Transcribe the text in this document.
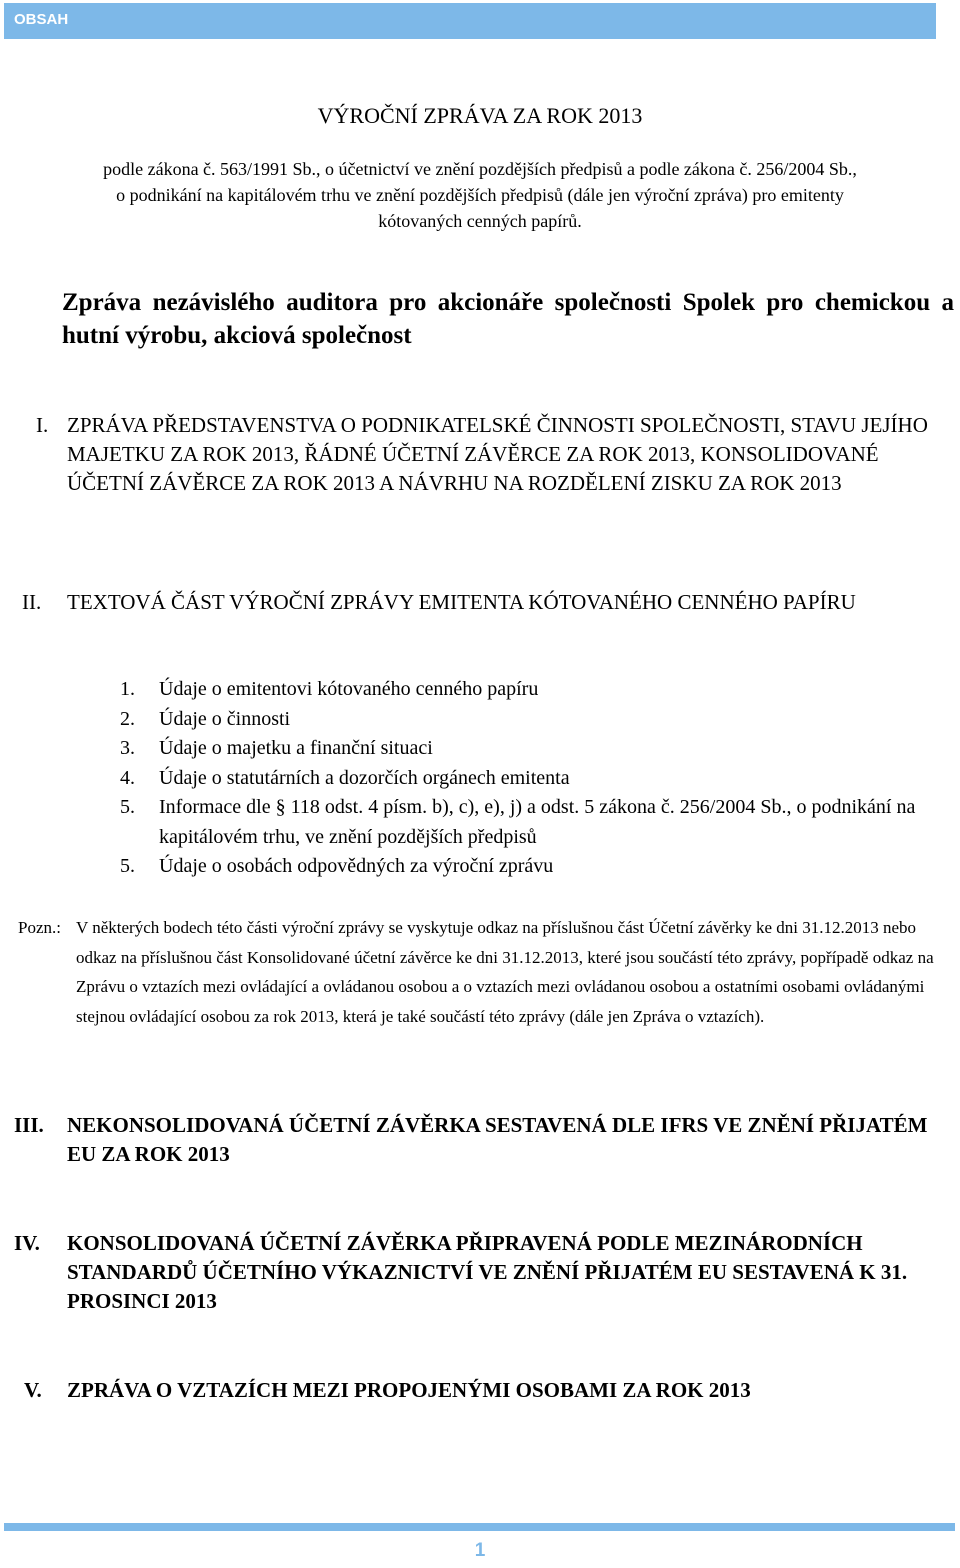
OBSAH
VÝROČNÍ ZPRÁVA ZA ROK 2013
podle zákona č. 563/1991 Sb., o účetnictví ve znění pozdějších předpisů a podle zákona č. 256/2004 Sb.,
o podnikání na kapitálovém trhu ve znění pozdějších předpisů (dále jen výroční zpráva) pro emitenty
kótovaných cenných papírů.
Zpráva nezávislého auditora pro akcionáře společnosti Spolek pro chemickou a hutní výrobu, akciová společnost
I. ZPRÁVA PŘEDSTAVENSTVA O PODNIKATELSKÉ ČINNOSTI SPOLEČNOSTI, STAVU JEJÍHO MAJETKU ZA ROK 2013, ŘÁDNÉ ÚČETNÍ ZÁVĚRCE ZA ROK 2013, KONSOLIDOVANÉ ÚČETNÍ ZÁVĚRCE ZA ROK 2013 A NÁVRHU NA ROZDĚLENÍ ZISKU ZA ROK 2013
II. TEXTOVÁ ČÁST VÝROČNÍ ZPRÁVY EMITENTA KÓTOVANÉHO CENNÉHO PAPÍRU
1. Údaje o emitentovi kótovaného cenného papíru
2. Údaje o činnosti
3. Údaje o majetku a finanční situaci
4. Údaje o statutárních a dozorčích orgánech emitenta
5. Informace dle § 118 odst. 4 písm. b), c), e), j) a odst. 5 zákona č. 256/2004 Sb., o podnikání na kapitálovém trhu, ve znění pozdějších předpisů
5. Údaje o osobách odpovědných za výroční zprávu
Pozn.: V některých bodech této části výroční zprávy se vyskytuje odkaz na příslušnou část Účetní závěrky ke dni 31.12.2013 nebo odkaz na příslušnou část Konsolidované účetní závěrce ke dni 31.12.2013, které jsou součástí této zprávy, popřípadě odkaz na Zprávu o vztazích mezi ovládající a ovládanou osobou a o vztazích mezi ovládanou osobou a ostatními osobami ovládanými stejnou ovládající osobou za rok 2013, která je také součástí této zprávy (dále jen Zpráva o vztazích).
III. NEKONSOLIDOVANÁ ÚČETNÍ ZÁVĚRKA SESTAVENÁ DLE IFRS VE ZNĚNÍ PŘIJATÉM EU ZA ROK 2013
IV. KONSOLIDOVANÁ ÚČETNÍ ZÁVĚRKA PŘIPRAVENÁ PODLE MEZINÁRODNÍCH STANDARDŮ ÚČETNÍHO VÝKAZNICTVÍ VE ZNĚNÍ PŘIJATÉM EU SESTAVENÁ K 31. PROSINCI 2013
V. ZPRÁVA O VZTAZÍCH MEZI PROPOJENÝMI OSOBAMI ZA ROK 2013
1
